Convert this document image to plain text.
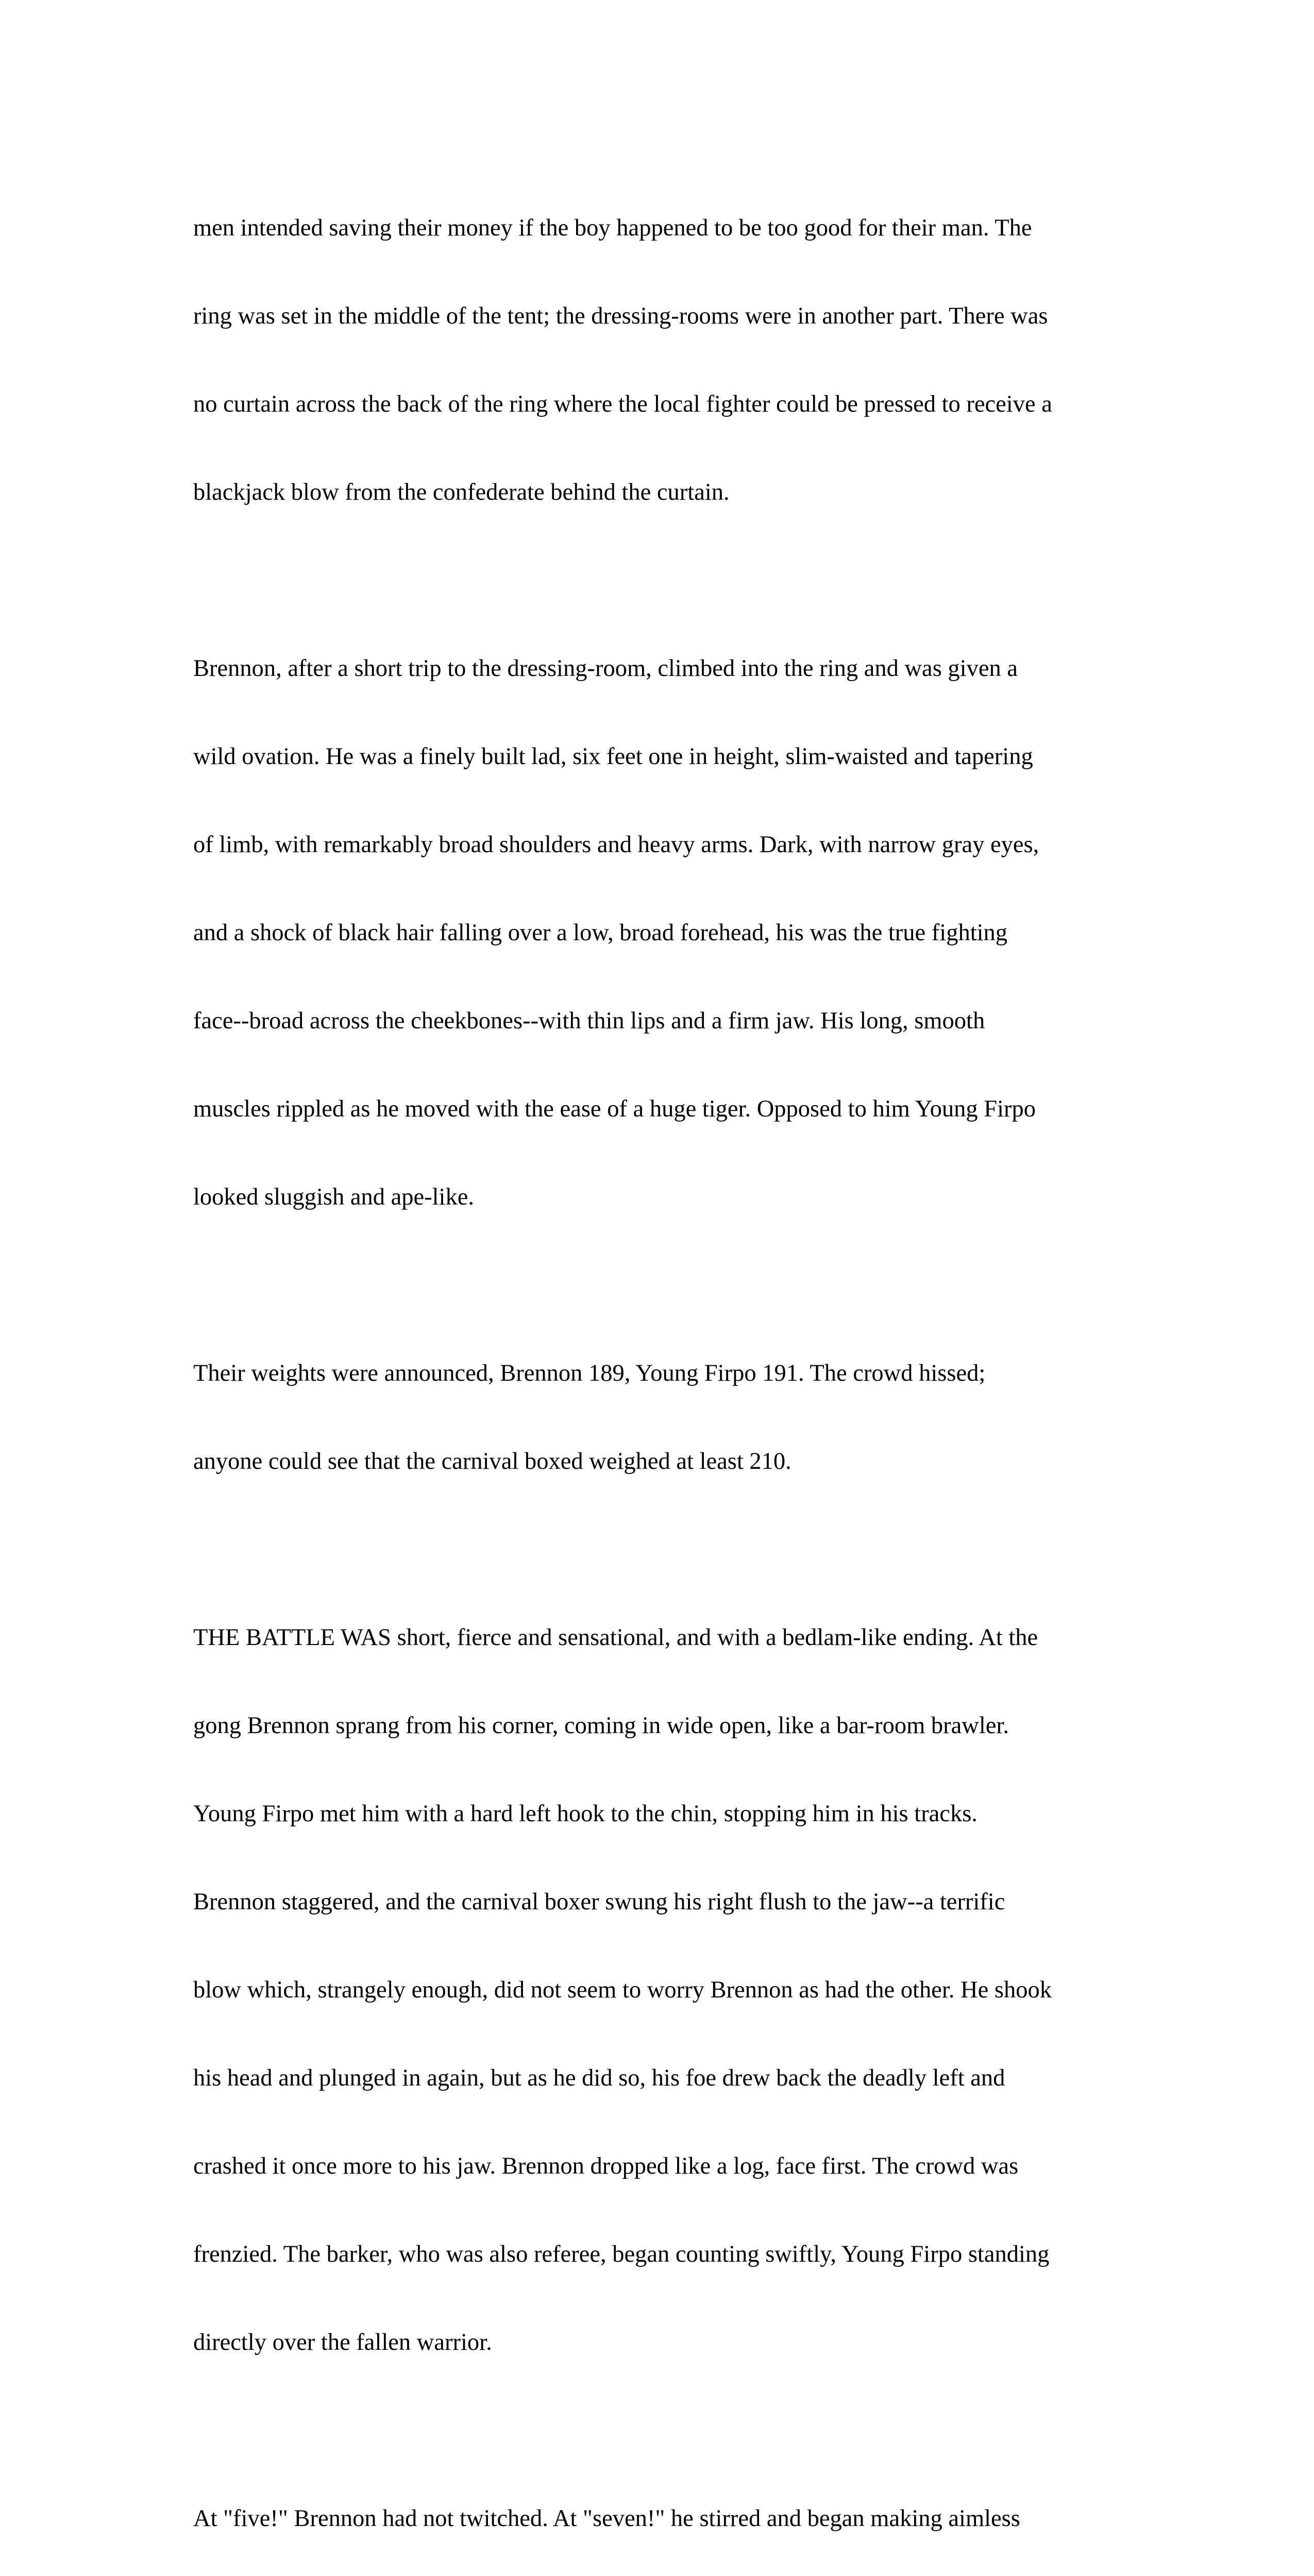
men intended saving their money if the boy happened to be too good for their man. The

ring was set in the middle of the tent; the dressing-rooms were in another part. There was

no curtain across the back of the ring where the local fighter could be pressed to receive a

blackjack blow from the confederate behind the curtain.

Brennon, after a short trip to the dressing-room, climbed into the ring and was given a

wild ovation. He was a finely built lad, six feet one in height, slim-waisted and tapering

of limb, with remarkably broad shoulders and heavy arms. Dark, with narrow gray eyes,

and a shock of black hair falling over a low, broad forehead, his was the true fighting

face--broad across the cheekbones--with thin lips and a firm jaw. His long, smooth

muscles rippled as he moved with the ease of a huge tiger. Opposed to him Young Firpo

looked sluggish and ape-like.

Their weights were announced, Brennon 189, Young Firpo 191. The crowd hissed;

anyone could see that the carnival boxed weighed at least 210.

THE BATTLE WAS short, fierce and sensational, and with a bedlam-like ending. At the

gong Brennon sprang from his corner, coming in wide open, like a bar-room brawler.

Young Firpo met him with a hard left hook to the chin, stopping him in his tracks.

Brennon staggered, and the carnival boxer swung his right flush to the jaw--a terrific

blow which, strangely enough, did not seem to worry Brennon as had the other. He shook

his head and plunged in again, but as he did so, his foe drew back the deadly left and

crashed it once more to his jaw. Brennon dropped like a log, face first. The crowd was

frenzied. The barker, who was also referee, began counting swiftly, Young Firpo standing

directly over the fallen warrior.

At "five!" Brennon had not twitched. At "seven!" he stirred and began making aimless
